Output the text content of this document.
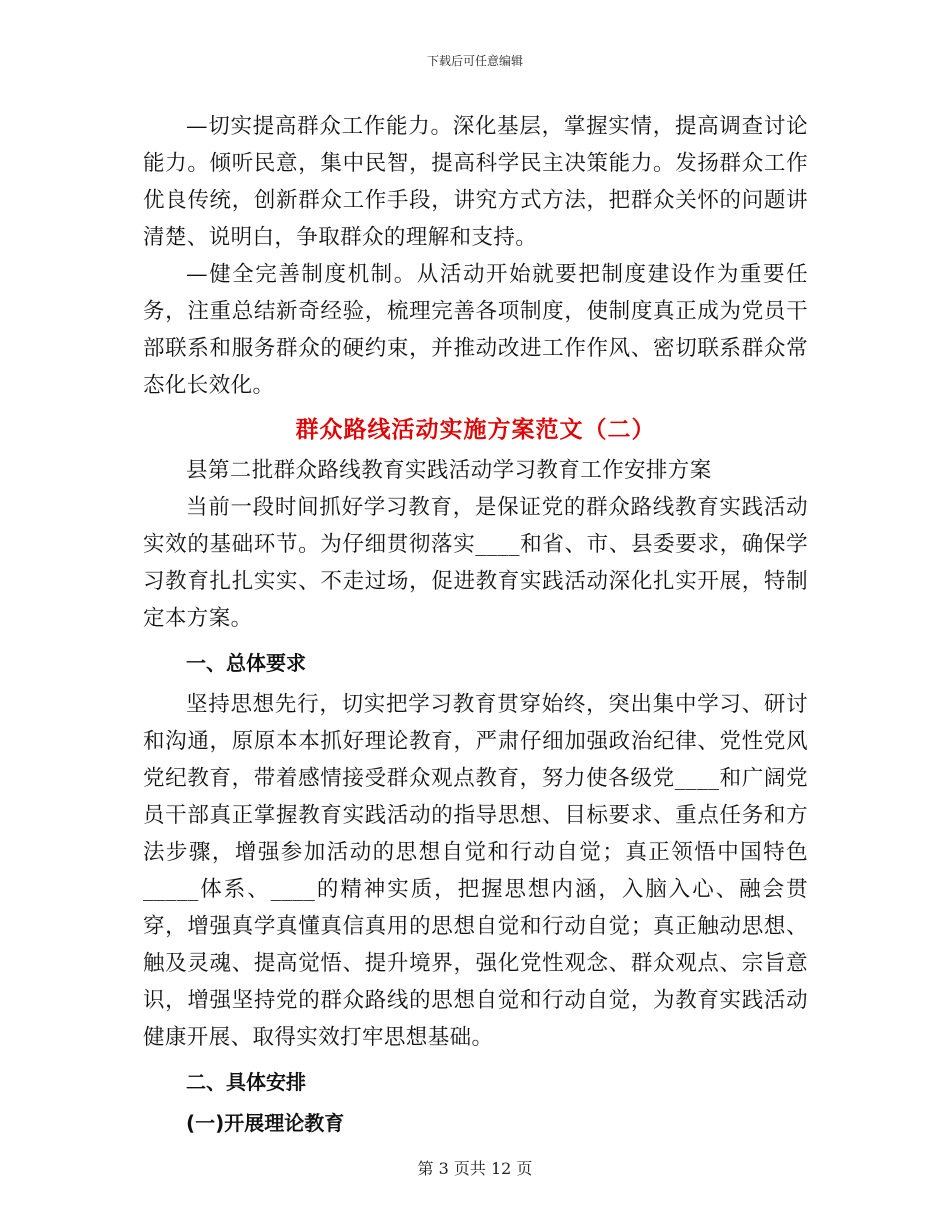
下载后可任意编辑

—切实提高群众工作能力。深化基层，掌握实情，提高调查讨论能力。倾听民意，集中民智，提高科学民主决策能力。发扬群众工作优良传统，创新群众工作手段，讲究方式方法，把群众关怀的问题讲清楚、说明白，争取群众的理解和支持。

—健全完善制度机制。从活动开始就要把制度建设作为重要任务，注重总结新奇经验，梳理完善各项制度，使制度真正成为党员干部联系和服务群众的硬约束，并推动改进工作作风、密切联系群众常态化长效化。

群众路线活动实施方案范文（二）

县第二批群众路线教育实践活动学习教育工作安排方案

当前一段时间抓好学习教育，是保证党的群众路线教育实践活动实效的基础环节。为仔细贯彻落实____和省、市、县委要求，确保学习教育扎扎实实、不走过场，促进教育实践活动深化扎实开展，特制定本方案。

一、总体要求

坚持思想先行，切实把学习教育贯穿始终，突出集中学习、研讨和沟通，原原本本抓好理论教育，严肃仔细加强政治纪律、党性党风党纪教育，带着感情接受群众观点教育，努力使各级党____和广阔党员干部真正掌握教育实践活动的指导思想、目标要求、重点任务和方法步骤，增强参加活动的思想自觉和行动自觉；真正领悟中国特色_____体系、____的精神实质，把握思想内涵，入脑入心、融会贯穿，增强真学真懂真信真用的思想自觉和行动自觉；真正触动思想、触及灵魂、提高觉悟、提升境界，强化党性观念、群众观点、宗旨意识，增强坚持党的群众路线的思想自觉和行动自觉，为教育实践活动健康开展、取得实效打牢思想基础。

二、具体安排
(一)开展理论教育
第 3 页共 12 页
